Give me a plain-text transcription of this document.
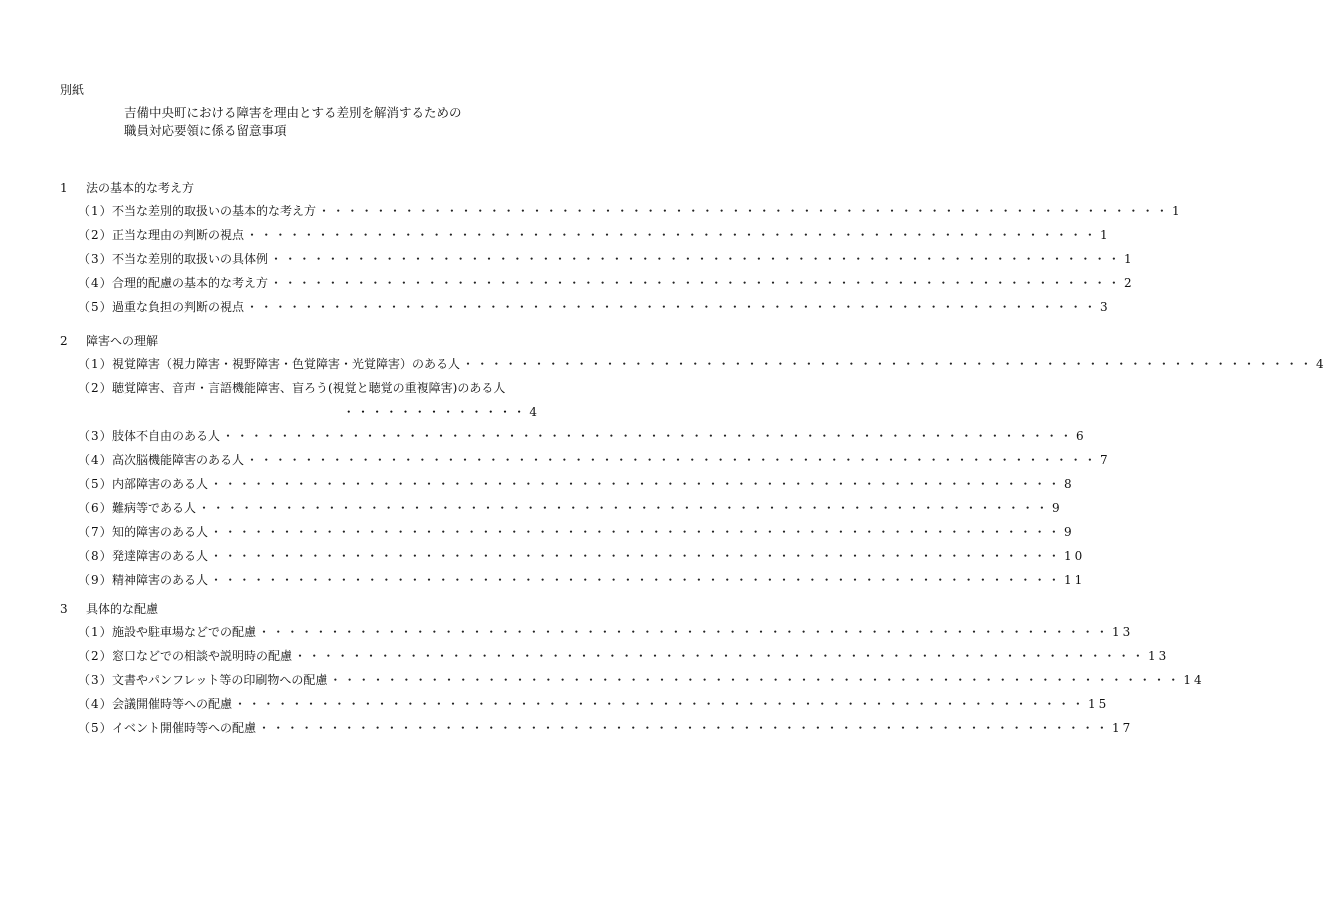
別紙
吉備中央町における障害を理由とする差別を解消するための
職員対応要領に係る留意事項
1 法の基本的な考え方
（1） 不当な差別的取扱いの基本的な考え方 ・・・・・・・・・・・・・・・・・・・・・・・・・・・・・・・・・・・・・・・・・・・・・・・・・・・・・・・・・・・・ 1
（2） 正当な理由の判断の視点 ・・・・・・・・・・・・・・・・・・・・・・・・・・・・・・・・・・・・・・・・・・・・・・・・・・・・・・・・・・・・ 1
（3） 不当な差別的取扱いの具体例 ・・・・・・・・・・・・・・・・・・・・・・・・・・・・・・・・・・・・・・・・・・・・・・・・・・・・・・・・・・・・ 1
（4） 合理的配慮の基本的な考え方 ・・・・・・・・・・・・・・・・・・・・・・・・・・・・・・・・・・・・・・・・・・・・・・・・・・・・・・・・・・・・ 2
（5） 過重な負担の判断の視点 ・・・・・・・・・・・・・・・・・・・・・・・・・・・・・・・・・・・・・・・・・・・・・・・・・・・・・・・・・・・・ 3
2 障害への理解
（1） 視覚障害（視力障害・視野障害・色覚障害・光覚障害）のある人 ・・・・・・・・・・・・・・・・・・・・・・・・・・・・・・・・・・・・・・・・・・・・・・・・・・・・・・・・・・・・ 4
（2） 聴覚障害、音声・言語機能障害、盲ろう(視覚と聴覚の重複障害)のある人
・・・・・・・・・・・・・ 4
（3） 肢体不自由のある人 ・・・・・・・・・・・・・・・・・・・・・・・・・・・・・・・・・・・・・・・・・・・・・・・・・・・・・・・・・・・・ 6
（4） 高次脳機能障害のある人 ・・・・・・・・・・・・・・・・・・・・・・・・・・・・・・・・・・・・・・・・・・・・・・・・・・・・・・・・・・・・ 7
（5） 内部障害のある人 ・・・・・・・・・・・・・・・・・・・・・・・・・・・・・・・・・・・・・・・・・・・・・・・・・・・・・・・・・・・・ 8
（6） 難病等である人 ・・・・・・・・・・・・・・・・・・・・・・・・・・・・・・・・・・・・・・・・・・・・・・・・・・・・・・・・・・・・ 9
（7） 知的障害のある人 ・・・・・・・・・・・・・・・・・・・・・・・・・・・・・・・・・・・・・・・・・・・・・・・・・・・・・・・・・・・・ 9
（8） 発達障害のある人 ・・・・・・・・・・・・・・・・・・・・・・・・・・・・・・・・・・・・・・・・・・・・・・・・・・・・・・・・・・・・ 10
（9） 精神障害のある人 ・・・・・・・・・・・・・・・・・・・・・・・・・・・・・・・・・・・・・・・・・・・・・・・・・・・・・・・・・・・・ 11
3 具体的な配慮
（1） 施設や駐車場などでの配慮 ・・・・・・・・・・・・・・・・・・・・・・・・・・・・・・・・・・・・・・・・・・・・・・・・・・・・・・・・・・・・ 13
（2） 窓口などでの相談や説明時の配慮 ・・・・・・・・・・・・・・・・・・・・・・・・・・・・・・・・・・・・・・・・・・・・・・・・・・・・・・・・・・・・ 13
（3） 文書やパンフレット等の印刷物への配慮 ・・・・・・・・・・・・・・・・・・・・・・・・・・・・・・・・・・・・・・・・・・・・・・・・・・・・・・・・・・・・ 14
（4） 会議開催時等への配慮 ・・・・・・・・・・・・・・・・・・・・・・・・・・・・・・・・・・・・・・・・・・・・・・・・・・・・・・・・・・・・ 15
（5） イベント開催時等への配慮 ・・・・・・・・・・・・・・・・・・・・・・・・・・・・・・・・・・・・・・・・・・・・・・・・・・・・・・・・・・・・ 17
